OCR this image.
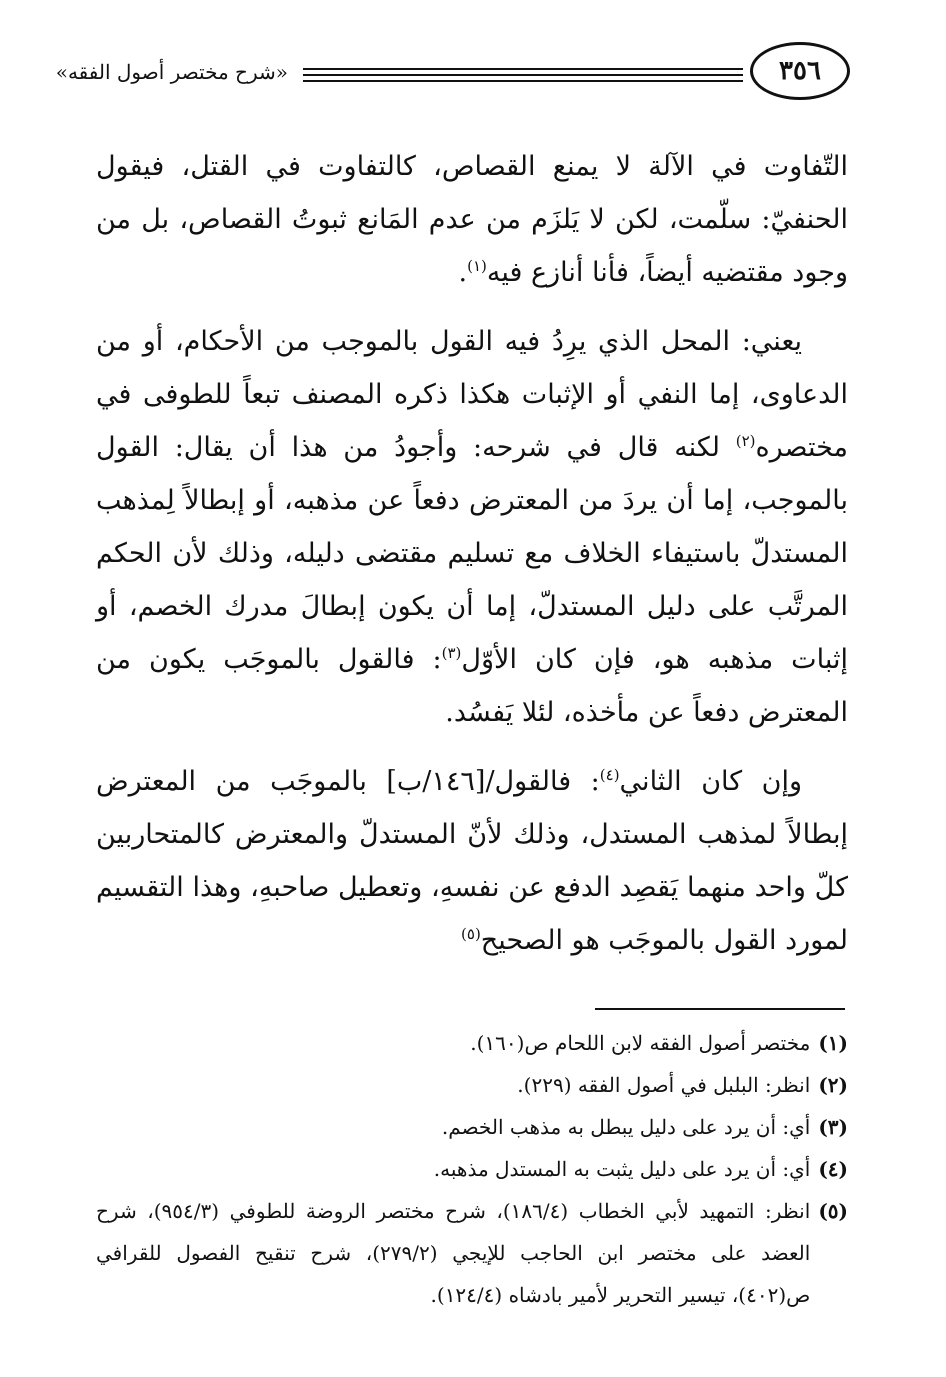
«شرح مختصر أصول الفقه»	٣٥٦

التّفاوت في الآلة لا يمنع القصاص، كالتفاوت في القتل، فيقول الحنفيّ: سلّمت، لكن لا يَلزَم من عدم المَانع ثبوتُ القصاص، بل من وجود مقتضيه أيضاً، فأنا أنازع فيه$^{(١)}$.

يعني: المحل الذي يرِدُ فيه القول بالموجب من الأحكام، أو من الدعاوى، إما النفي أو الإثبات هكذا ذكره المصنف تبعاً للطوفى في مختصره$^{(٢)}$ لكنه قال في شرحه: وأجودُ من هذا أن يقال: القول بالموجب، إما أن يردَ من المعترض دفعاً عن مذهبه، أو إبطالاً لِمذهب المستدلّ باستيفاء الخلاف مع تسليم مقتضى دليله، وذلك لأن الحكم المرتَّب على دليل المستدلّ، إما أن يكون إبطالَ مدرك الخصم، أو إثبات مذهبه هو، فإن كان الأوّل$^{(٣)}$: فالقول بالموجَب يكون من المعترض دفعاً عن مأخذه، لئلا يَفسُد.

وإن كان الثاني$^{(٤)}$: فالقول/[١٤٦/ب] بالموجَب من المعترض إبطالاً لمذهب المستدل، وذلك لأنّ المستدلّ والمعترض كالمتحاربين كلّ واحد منهما يَقصِد الدفع عن نفسهِ، وتعطيل صاحبهِ، وهذا التقسيم لمورد القول بالموجَب هو الصحيح$^{(٥)}$

(١)
مختصر أصول الفقه لابن اللحام ص(١٦٠).
(٢)
انظر: البلبل في أصول الفقه (٢٢٩).
(٣)
أي: أن يرد على دليل يبطل به مذهب الخصم.
(٤)
أي: أن يرد على دليل يثبت به المستدل مذهبه.
(٥)
انظر: التمهيد لأبي الخطاب (١٨٦/٤)، شرح مختصر الروضة للطوفي (٩٥٤/٣)، شرح العضد على مختصر ابن الحاجب للإيجي (٢٧٩/٢)، شرح تنقيح الفصول للقرافي ص(٤٠٢)، تيسير التحرير لأمير بادشاه (١٢٤/٤).
